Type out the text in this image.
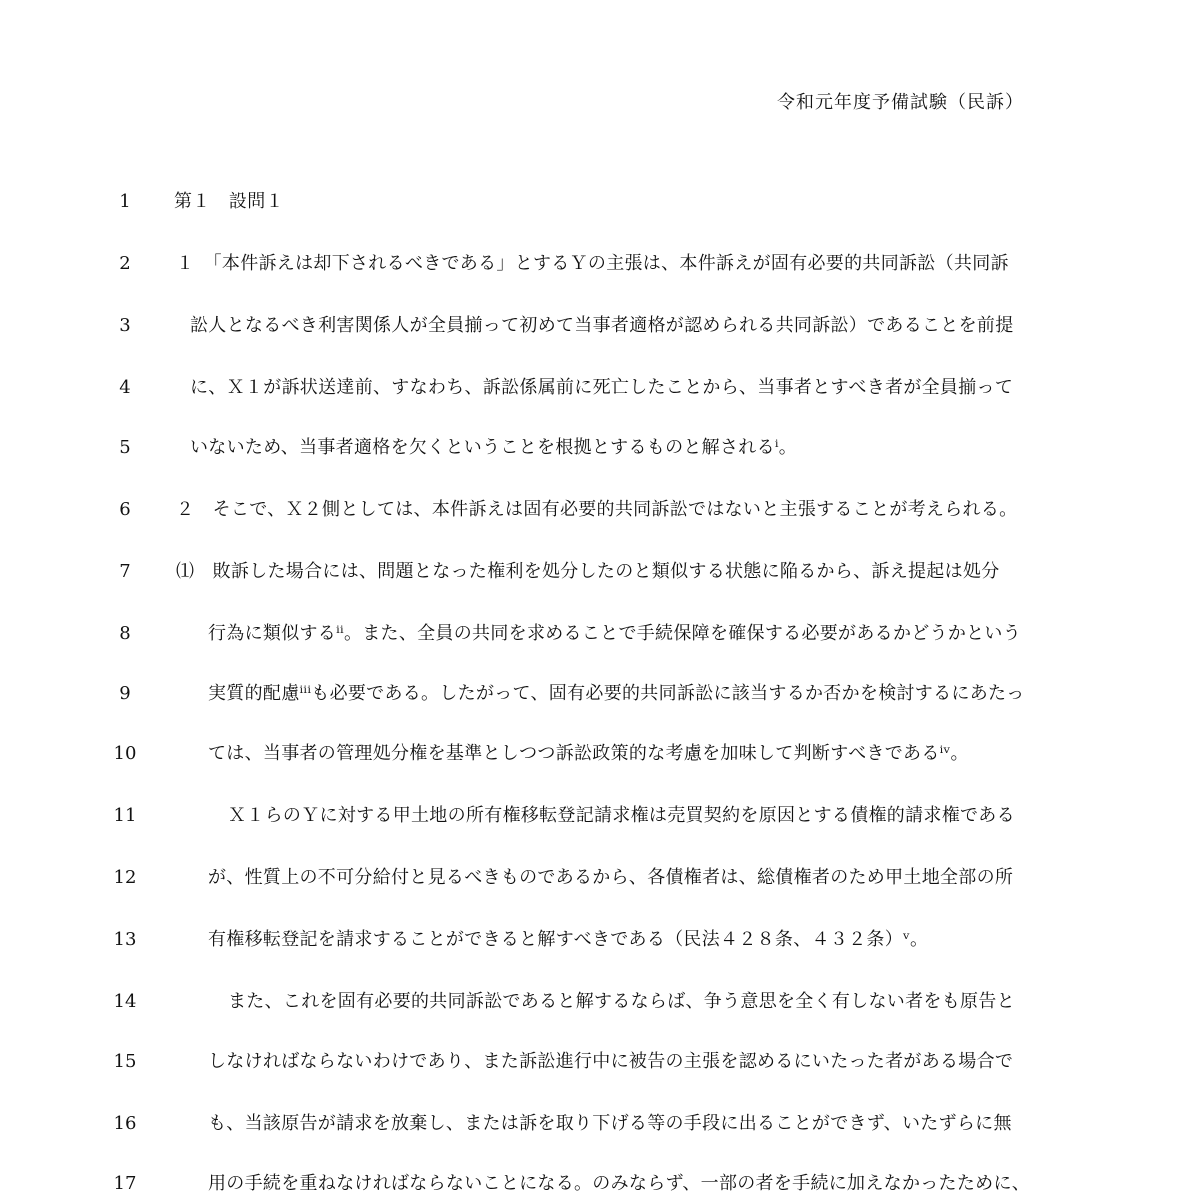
令和元年度予備試験（民訴）
1	第１　設問１
2	１　「本件訴えは却下されるべきである」とするＹの主張は、本件訴えが固有必要的共同訴訟（共同訴
3	訟人となるべき利害関係人が全員揃って初めて当事者適格が認められる共同訴訟）であることを前提
4	に、Ｘ１が訴状送達前、すなわち、訴訟係属前に死亡したことから、当事者とすべき者が全員揃って
5	いないため、当事者適格を欠くということを根拠とするものと解されるⁱ。
6	２　そこで、Ｘ２側としては、本件訴えは固有必要的共同訴訟ではないと主張することが考えられる。
7	⑴　敗訴した場合には、問題となった権利を処分したのと類似する状態に陥るから、訴え提起は処分
8	行為に類似するⁱⁱ。また、全員の共同を求めることで手続保障を確保する必要があるかどうかという
9	実質的配慮ⁱⁱⁱも必要である。したがって、固有必要的共同訴訟に該当するか否かを検討するにあたっ
10	ては、当事者の管理処分権を基準としつつ訴訟政策的な考慮を加味して判断すべきであるⁱᵛ。
11	Ｘ１らのＹに対する甲土地の所有権移転登記請求権は売買契約を原因とする債権的請求権である
12	が、性質上の不可分給付と見るべきものであるから、各債権者は、総債権者のため甲土地全部の所
13	有権移転登記を請求することができると解すべきである（民法４２８条、４３２条）ᵛ。
14	また、これを固有必要的共同訴訟であると解するならば、争う意思を全く有しない者をも原告と
15	しなければならないわけであり、また訴訟進行中に被告の主張を認めるにいたった者がある場合で
16	も、当該原告が請求を放棄し、または訴を取り下げる等の手段に出ることができず、いたずらに無
17	用の手続を重ねなければならないことになる。のみならず、一部の者を手続に加えなかったために、
